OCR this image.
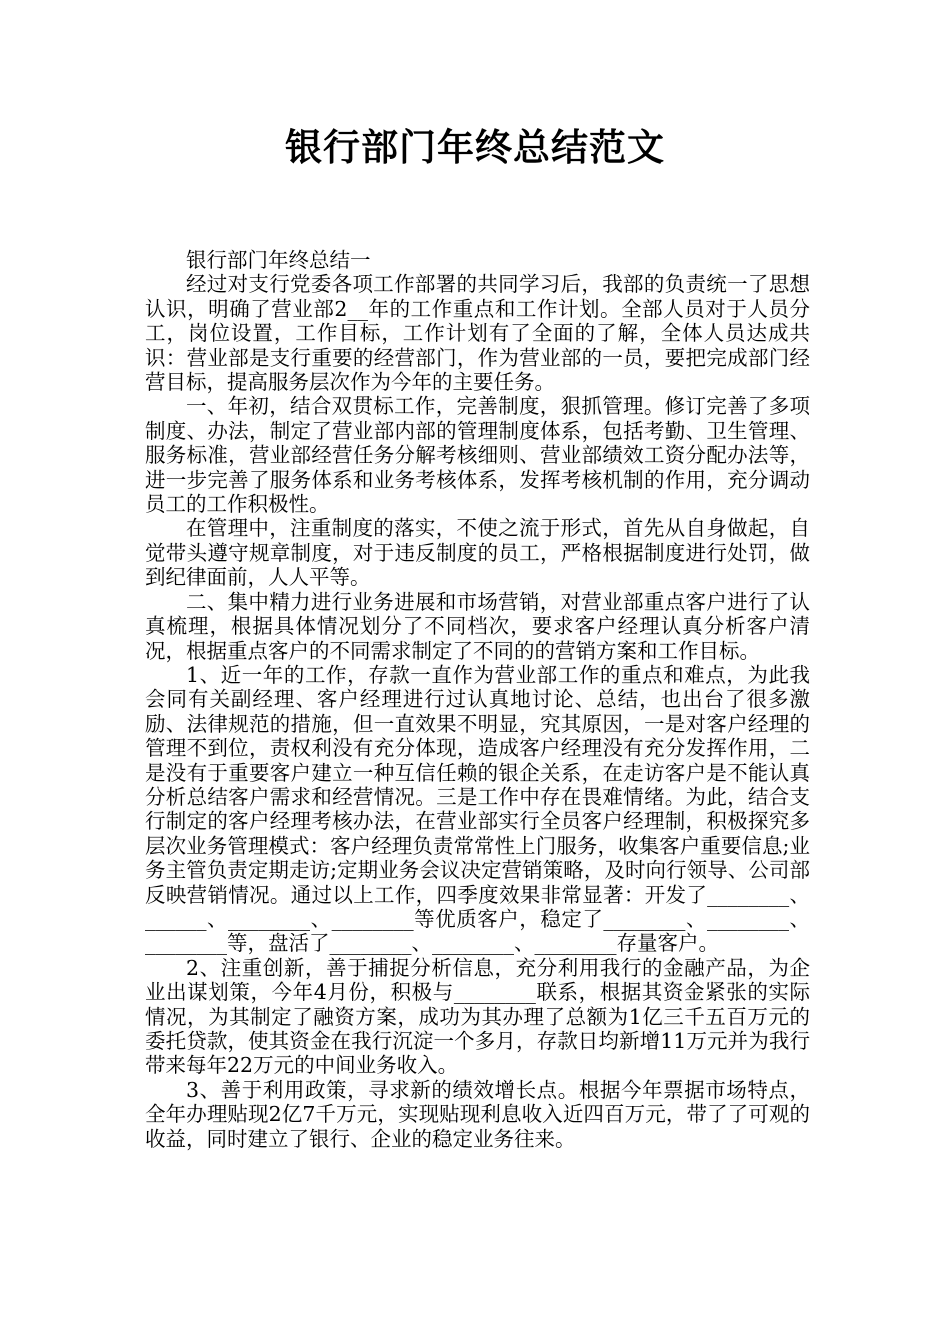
银行部门年终总结范文

银行部门年终总结一

经过对支行党委各项工作部署的共同学习后，我部的负责统一了思想认识，明确了营业部2__年的工作重点和工作计划。全部人员对于人员分工，岗位设置，工作目标，工作计划有了全面的了解，全体人员达成共识：营业部是支行重要的经营部门，作为营业部的一员，要把完成部门经营目标，提高服务层次作为今年的主要任务。

一、年初，结合双贯标工作，完善制度，狠抓管理。修订完善了多项制度、办法，制定了营业部内部的管理制度体系，包括考勤、卫生管理、服务标准，营业部经营任务分解考核细则、营业部绩效工资分配办法等，进一步完善了服务体系和业务考核体系，发挥考核机制的作用，充分调动员工的工作积极性。

在管理中，注重制度的落实，不使之流于形式，首先从自身做起，自觉带头遵守规章制度，对于违反制度的员工，严格根据制度进行处罚，做到纪律面前，人人平等。

二、集中精力进行业务进展和市场营销，对营业部重点客户进行了认真梳理，根据具体情况划分了不同档次，要求客户经理认真分析客户清况，根据重点客户的不同需求制定了不同的的营销方案和工作目标。

1、近一年的工作，存款一直作为营业部工作的重点和难点，为此我会同有关副经理、客户经理进行过认真地讨论、总结，也出台了很多激励、法律规范的措施，但一直效果不明显，究其原因，一是对客户经理的管理不到位，责权利没有充分体现，造成客户经理没有充分发挥作用，二是没有于重要客户建立一种互信任赖的银企关系，在走访客户是不能认真分析总结客户需求和经营情况。三是工作中存在畏难情绪。为此，结合支行制定的客户经理考核办法，在营业部实行全员客户经理制，积极探究多层次业务管理模式：客户经理负责常常性上门服务，收集客户重要信息;业务主管负责定期走访;定期业务会议决定营销策略，及时向行领导、公司部反映营销情况。通过以上工作，四季度效果非常显著：开发了________、______、________、________等优质客户，稳定了________、________、________等，盘活了________、________、________存量客户。

2、注重创新，善于捕捉分析信息，充分利用我行的金融产品，为企业出谋划策，今年4月份，积极与________联系，根据其资金紧张的实际情况，为其制定了融资方案，成功为其办理了总额为1亿三千五百万元的委托贷款，使其资金在我行沉淀一个多月，存款日均新增11万元并为我行带来每年22万元的中间业务收入。

3、善于利用政策，寻求新的绩效增长点。根据今年票据市场特点，全年办理贴现2亿7千万元，实现贴现利息收入近四百万元，带了了可观的收益，同时建立了银行、企业的稳定业务往来。
